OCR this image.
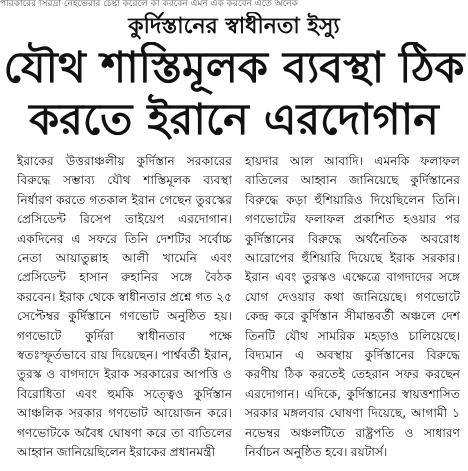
পরিকারের সিরদ্রা নেইভেরার চেষ্টা করেলে কা করবেন এমন এক করবেন এতে অনেক
কুর্দিস্তানের স্বাধীনতা ইস্যু
যৌথ শাস্তিমূলক ব্যবস্থা ঠিক
করতে ইরানে এরদোগান

ইরাকের উত্তরাঞ্চলীয় কুর্দিস্তান সরকারের বিরুদ্ধে সম্ভাব্য যৌথ শাস্তিমূলক ব্যবস্থা নির্ধারণ করতে গতকাল ইরান গেছেন তুরস্কের প্রেসিডেন্ট রিসেপ তাইয়েপ এরদোগান। একদিনের এ সফরে তিনি দেশটির সর্বোচ্চ নেতা আয়াতুল্লাহ আলী খামেনি এবং প্রেসিডেন্ট হাসান রুহানির সঙ্গে বৈঠক করবেন। ইরাক থেকে স্বাধীনতার প্রশ্নে গত ২৫ সেপ্টেম্বর কুর্দিস্তানে গণভোট অনুষ্ঠিত হয়। গণভোটে কুর্দিরা স্বাধীনতার পক্ষে স্বতঃস্ফূর্তভাবে রায় দিয়েছেন। পার্শ্ববর্তী ইরান, তুরস্ক ও বাগদাদে ইরাক সরকারের আপত্তি ও বিরোধিতা এবং হুমকি সত্ত্বেও কুর্দিস্তান আঞ্চলিক সরকার গণভোট আয়োজন করে। গণভোটকে অবৈধ ঘোষণা করে তা বাতিলের আহ্বান জানিয়েছিলেন ইরাকের প্রধানমন্ত্রী

হায়দার আল আবাদি। এমনকি ফলাফল বাতিলের আহ্বান জানিয়েছে কুর্দিস্তানের বিরুদ্ধে কড়া হুঁশিয়ারিও দিয়েছিলেন তিনি। গণভোটের ফলাফল প্রকাশিত হওয়ার পর কুর্দিস্তানের বিরুদ্ধে অর্থনৈতিক অবরোধ আরোপের হুঁশিয়ারি দিয়েছে ইরাক সরকার। ইরান এবং তুরস্কও এক্ষেত্রে বাগদাদের সঙ্গে যোগ দেওয়ার কথা জানিয়েছে। গণভোটে কেন্দ্র করে কুর্দিস্তান সীমান্তবর্তী অঞ্চলে দেশ তিনটি যৌথ সামরিক মহড়াও চালিয়েছে। বিদ্যমান এ অবস্থায় কুর্দিস্তানের বিরুদ্ধে করণীয় ঠিক করতেই তেহরান সফর করছেন এরদোগান। এদিকে, কুর্দিস্তানের স্বায়ত্তশাসিত সরকার মঙ্গলবার ঘোষণা দিয়েছে, আগামী ১ নভেম্বর অঞ্চলটিতে রাষ্ট্রপতি ও সাধারণ নির্বাচন অনুষ্ঠিত হবে। রয়টার্স।
